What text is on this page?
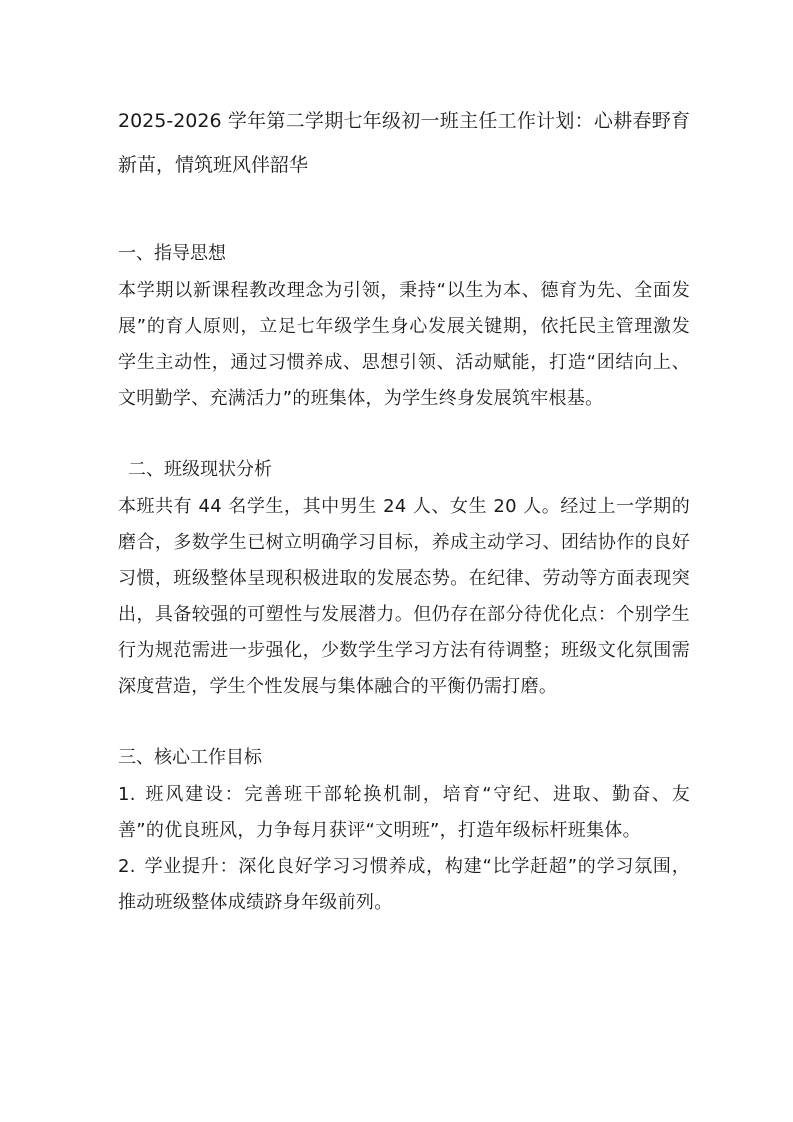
2025-2026 学年第二学期七年级初一班主任工作计划：心耕春野育新苗，情筑班风伴韶华

一、指导思想

本学期以新课程教改理念为引领，秉持“以生为本、德育为先、全面发展”的育人原则，立足七年级学生身心发展关键期，依托民主管理激发学生主动性，通过习惯养成、思想引领、活动赋能，打造“团结向上、文明勤学、充满活力”的班集体，为学生终身发展筑牢根基。

二、班级现状分析

本班共有 44 名学生，其中男生 24 人、女生 20 人。经过上一学期的磨合，多数学生已树立明确学习目标，养成主动学习、团结协作的良好习惯，班级整体呈现积极进取的发展态势。在纪律、劳动等方面表现突出，具备较强的可塑性与发展潜力。但仍存在部分待优化点：个别学生行为规范需进一步强化，少数学生学习方法有待调整；班级文化氛围需深度营造，学生个性发展与集体融合的平衡仍需打磨。

三、核心工作目标

1. 班风建设：完善班干部轮换机制，培育“守纪、进取、勤奋、友善”的优良班风，力争每月获评“文明班”，打造年级标杆班集体。

2. 学业提升：深化良好学习习惯养成，构建“比学赶超”的学习氛围，推动班级整体成绩跻身年级前列。
